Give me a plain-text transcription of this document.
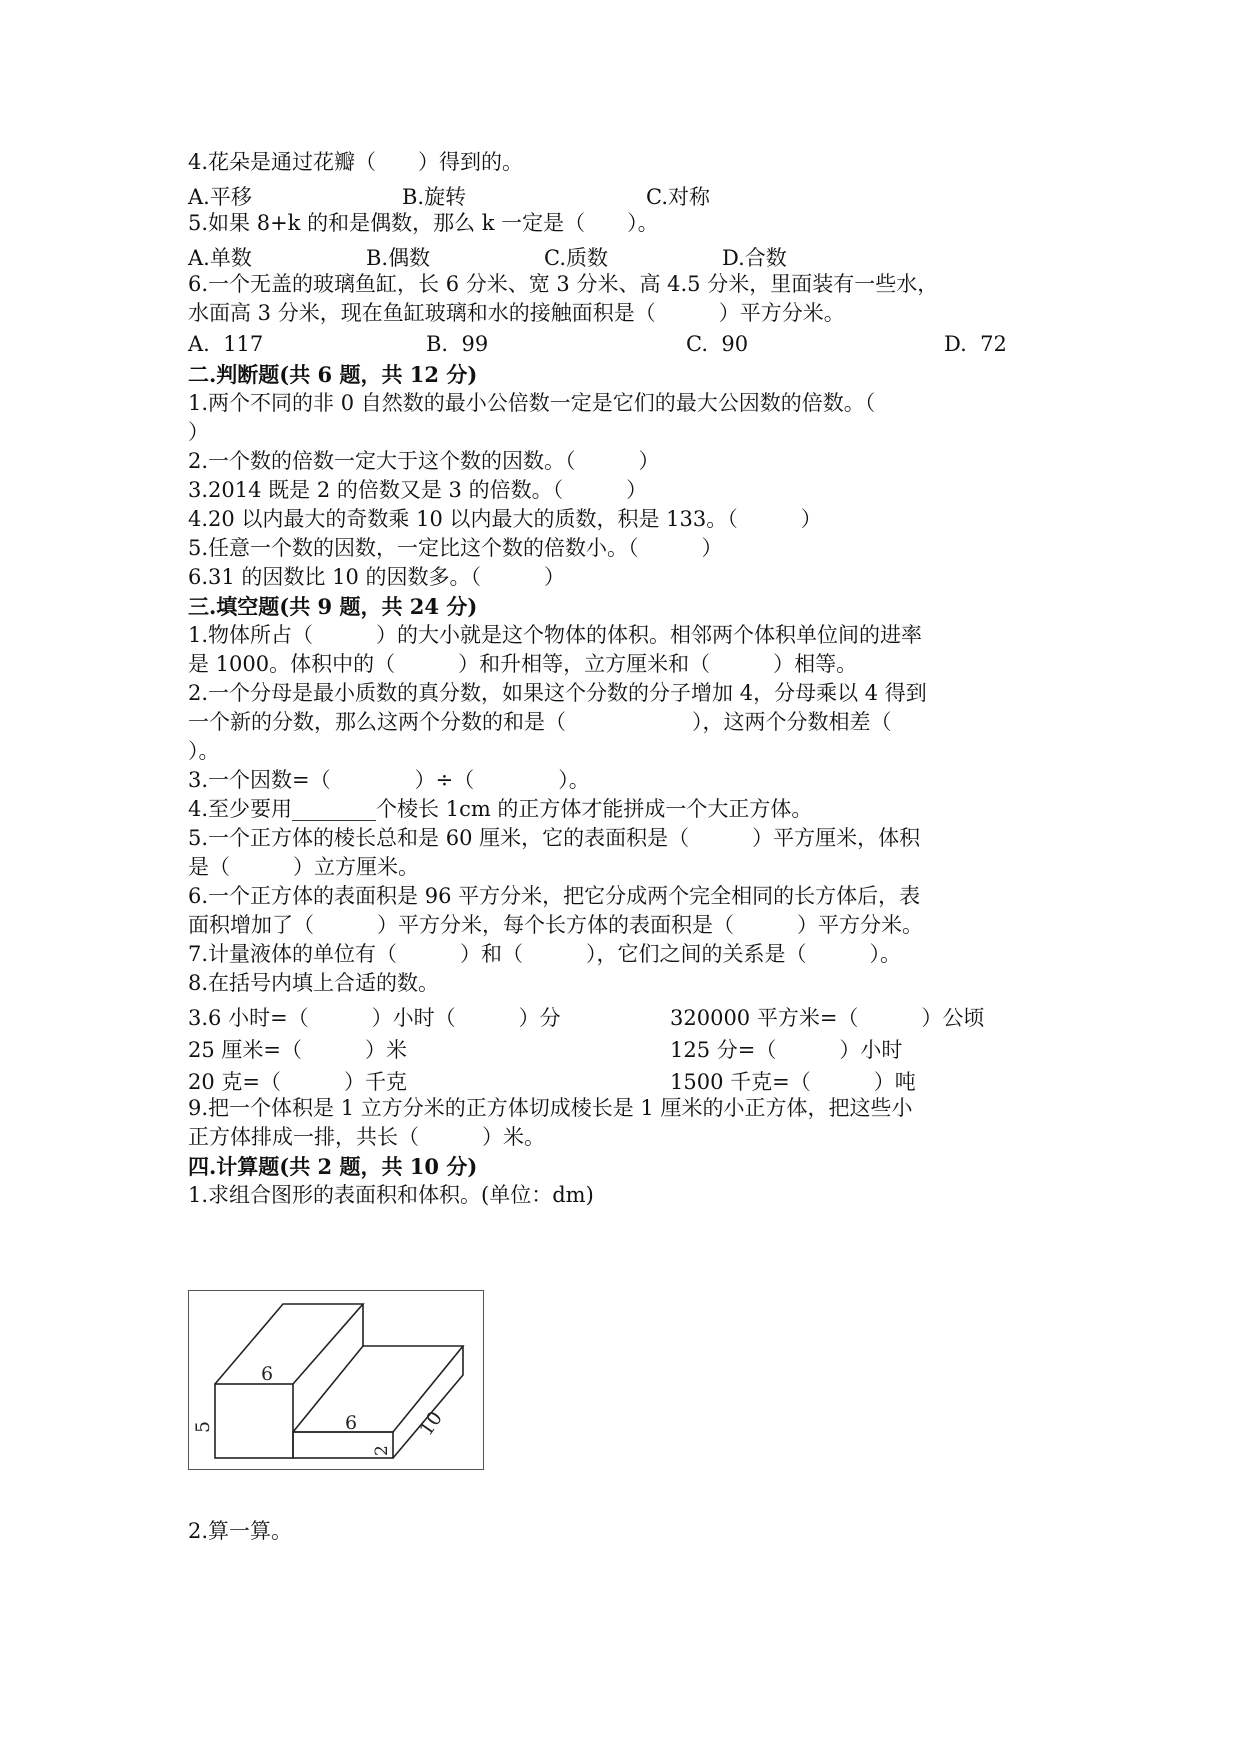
4.花朵是通过花瓣（　　）得到的。
A.平移	B.旋转	C.对称
5.如果 8+k 的和是偶数，那么 k 一定是（　　）。
A.单数	B.偶数	C.质数	D.合数
6.一个无盖的玻璃鱼缸，长 6 分米、宽 3 分米、高 4.5 分米，里面装有一些水，
水面高 3 分米，现在鱼缸玻璃和水的接触面积是（　　　）平方分米。
A.  117	B.  99	C.  90	D.  72
二.判断题(共 6 题，共 12 分)
1.两个不同的非 0 自然数的最小公倍数一定是它们的最大公因数的倍数。（
）
2.一个数的倍数一定大于这个数的因数。（　　　）
3.2014 既是 2 的倍数又是 3 的倍数。（　　　）
4.20 以内最大的奇数乘 10 以内最大的质数，积是 133。（　　　）
5.任意一个数的因数，一定比这个数的倍数小。（　　　）
6.31 的因数比 10 的因数多。（　　　）
三.填空题(共 9 题，共 24 分)
1.物体所占（　　　）的大小就是这个物体的体积。相邻两个体积单位间的进率
是 1000。体积中的（　　　）和升相等，立方厘米和（　　　）相等。
2.一个分母是最小质数的真分数，如果这个分数的分子增加 4，分母乘以 4 得到
一个新的分数，那么这两个分数的和是（　　　　　　），这两个分数相差（
）。
3.一个因数=（　　　　）÷（　　　　）。
4.至少要用________个棱长 1cm 的正方体才能拼成一个大正方体。
5.一个正方体的棱长总和是 60 厘米，它的表面积是（　　　）平方厘米，体积
是（　　　）立方厘米。
6.一个正方体的表面积是 96 平方分米，把它分成两个完全相同的长方体后，表
面积增加了（　　　）平方分米，每个长方体的表面积是（　　　）平方分米。
7.计量液体的单位有（　　　）和（　　　），它们之间的关系是（　　　）。
8.在括号内填上合适的数。
3.6 小时=（　　　）小时（　　　）分	320000 平方米=（　　　）公顷
25 厘米=（　　　）米	125 分=（　　　）小时
20 克=（　　　）千克	1500 千克=（　　　）吨
9.把一个体积是 1 立方分米的正方体切成棱长是 1 厘米的小正方体，把这些小
正方体排成一排，共长（　　　）米。
四.计算题(共 2 题，共 10 分)
1.求组合图形的表面积和体积。(单位：dm)
6
6
5
2
10
2.算一算。
